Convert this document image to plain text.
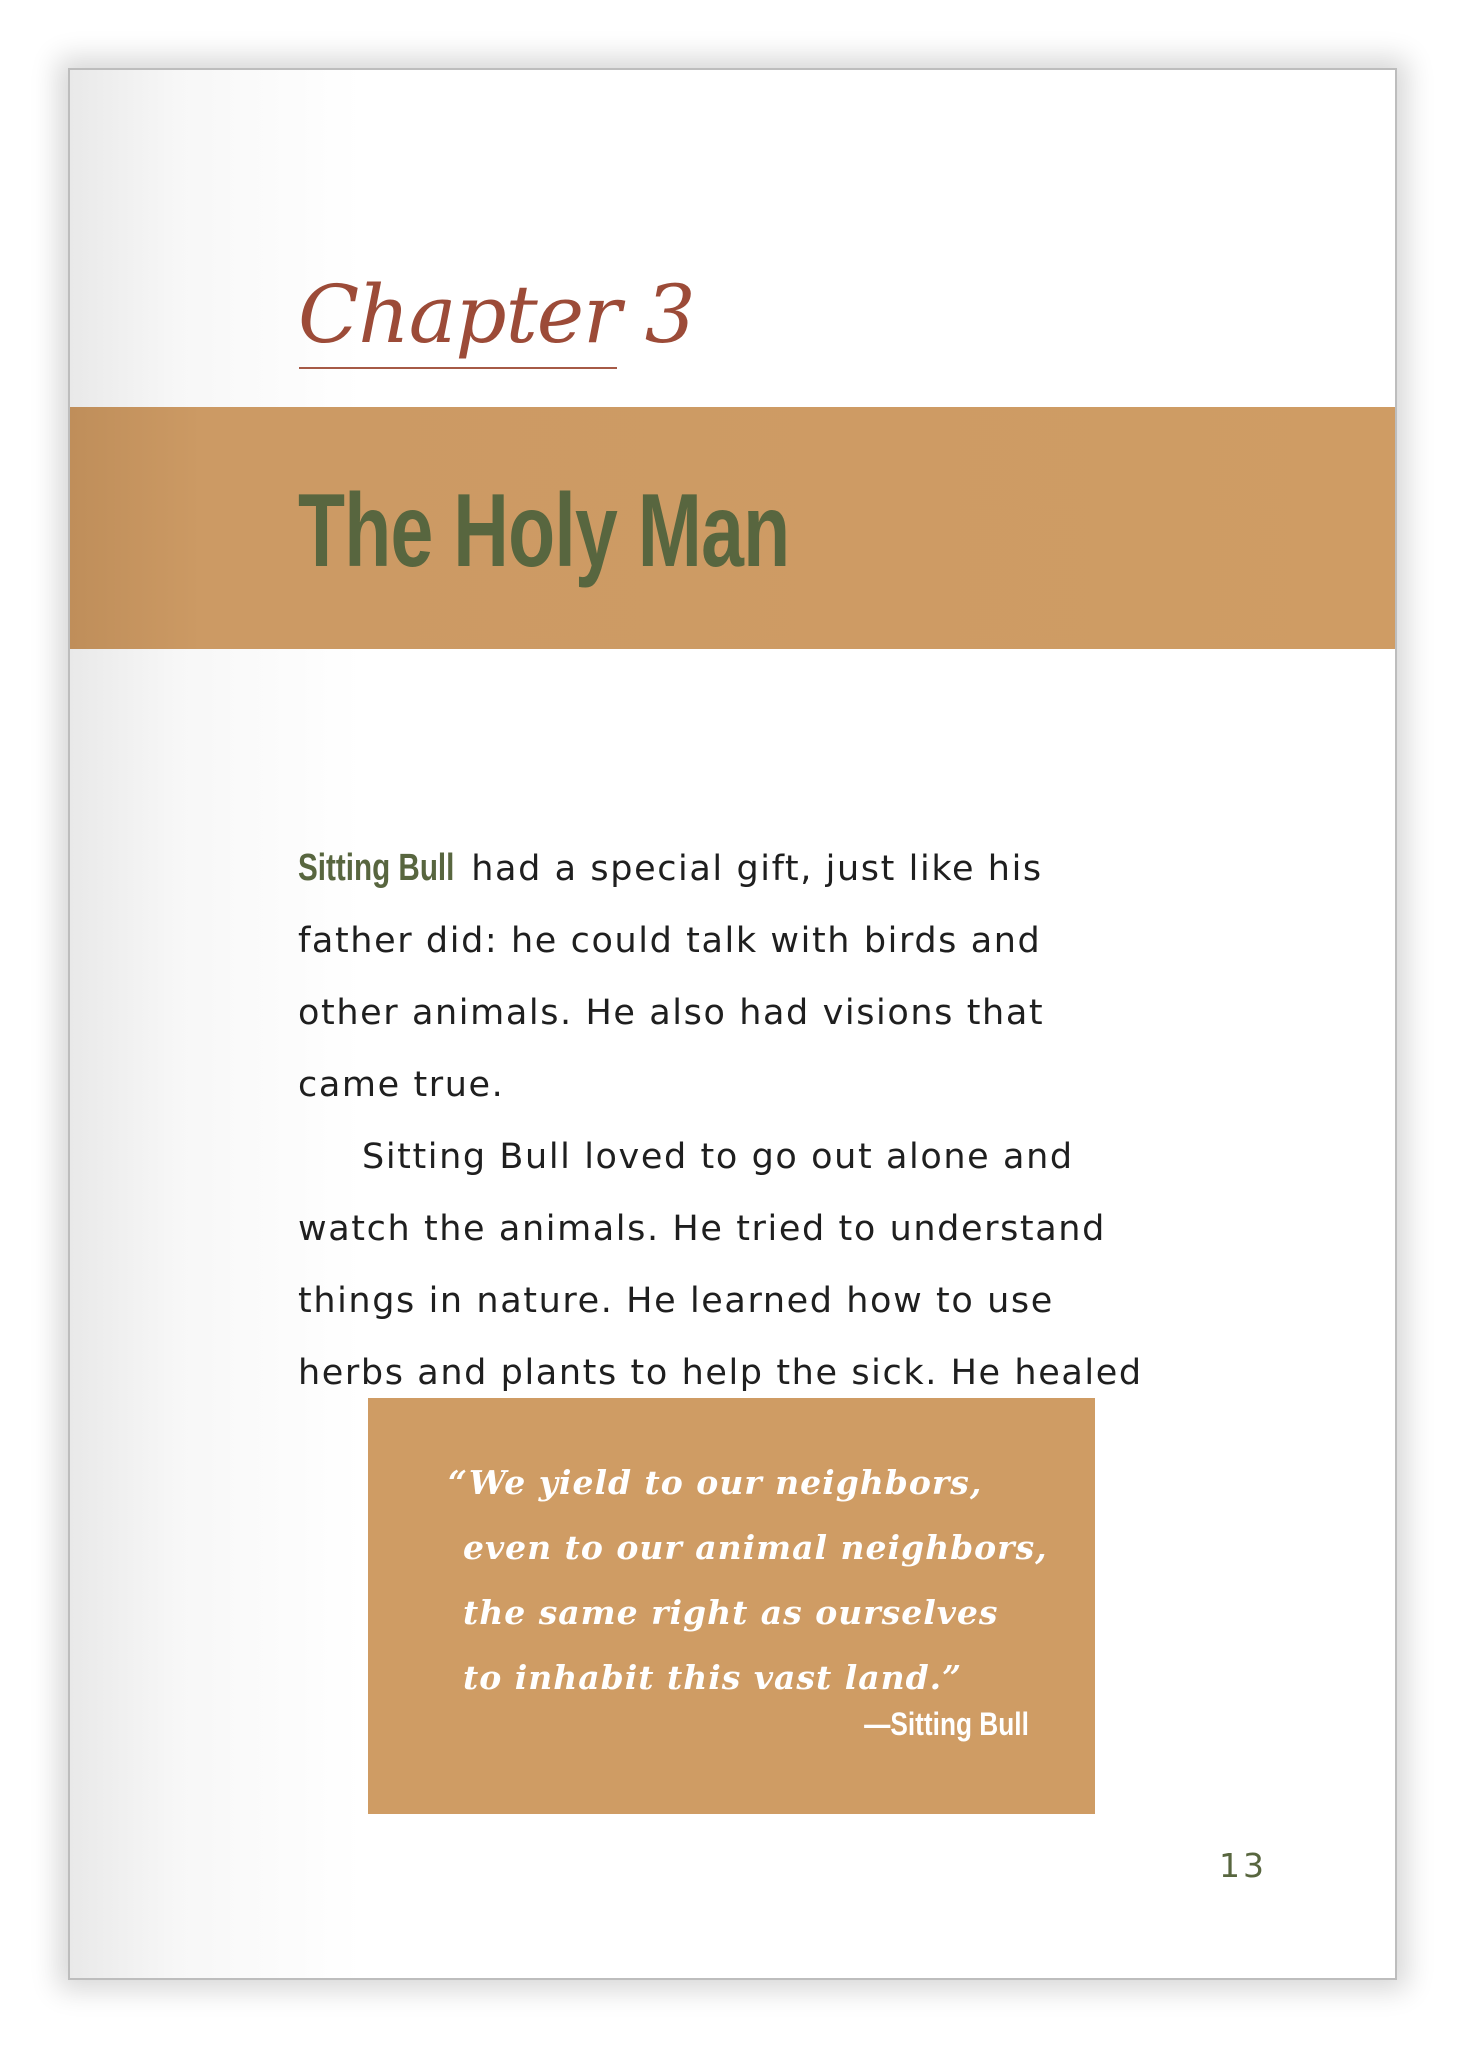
Chapter 3
The Holy Man
Sitting Bull had a special gift, just like his
father did: he could talk with birds and
other animals. He also had visions that
came true.
Sitting Bull loved to go out alone and
watch the animals. He tried to understand
things in nature. He learned how to use
herbs and plants to help the sick. He healed
“We yield to our neighbors,
even to our animal neighbors,
the same right as ourselves
to inhabit this vast land.”
—Sitting Bull
13
